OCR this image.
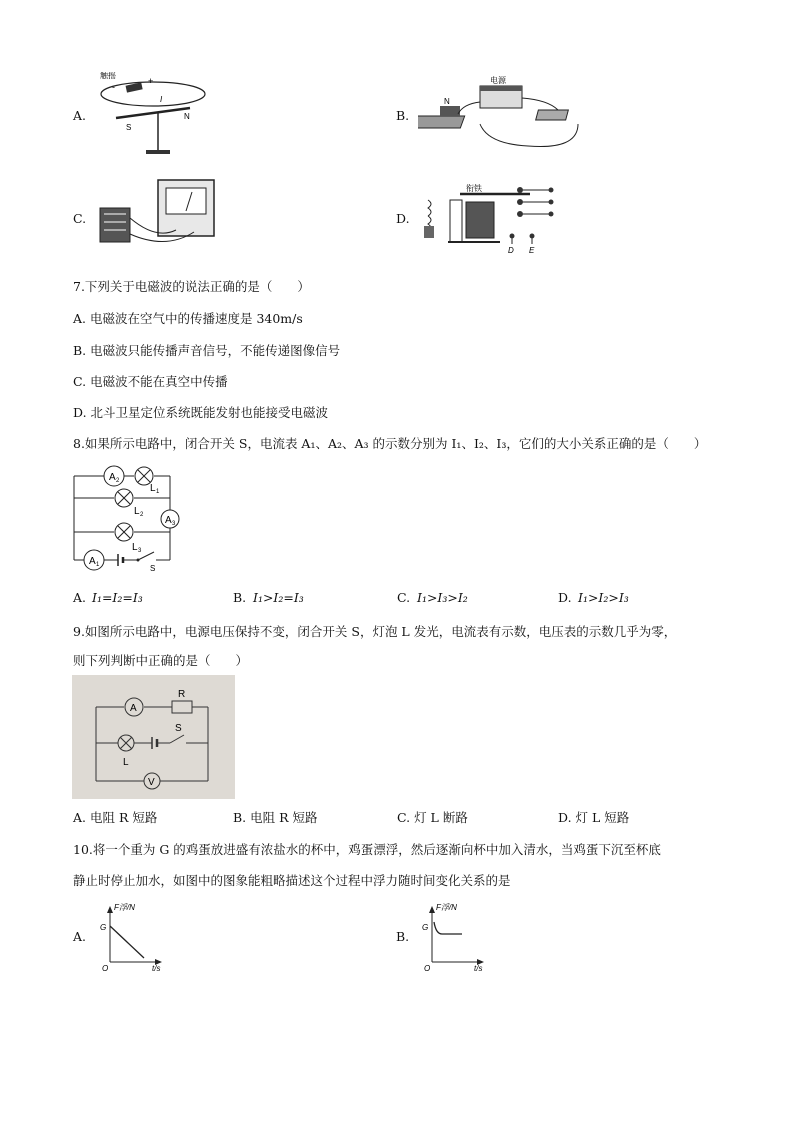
A.
触摇
-
+
I
S
N	B.
电源
N
C.	D.
衔铁
D E
7.下列关于电磁波的说法正确的是（　　）
A. 电磁波在空气中的传播速度是 340m/s
B. 电磁波只能传播声音信号，不能传递图像信号
C. 电磁波不能在真空中传播
D. 北斗卫星定位系统既能发射也能接受电磁波
8.如果所示电路中，闭合开关 S，电流表 A₁、A₂、A₃ 的示数分别为 I₁、I₂、I₃，它们的大小关系正确的是（　　）
A 2
L 1
L 2 A 3
L 3
A 1	S
A. I₁=I₂=I₃	B. I₁>I₂=I₃	C. I₁>I₃>I₂	D. I₁>I₂>I₃
9.如图所示电路中，电源电压保持不变，闭合开关 S，灯泡 L 发光，电流表有示数，电压表的示数几乎为零，
则下列判断中正确的是（　　）
A
R
S
L
V
A. 电阻 R 短路	B. 电阻 R 短路	C. 灯 L 断路	D. 灯 L 短路
10.将一个重为 G 的鸡蛋放进盛有浓盐水的杯中，鸡蛋漂浮，然后逐渐向杯中加入清水，当鸡蛋下沉至杯底
静止时停止加水，如图中的图象能粗略描述这个过程中浮力随时间变化关系的是
A.
F浮/N
G
O	t/s
B.
F浮/N
G
O	t/s
